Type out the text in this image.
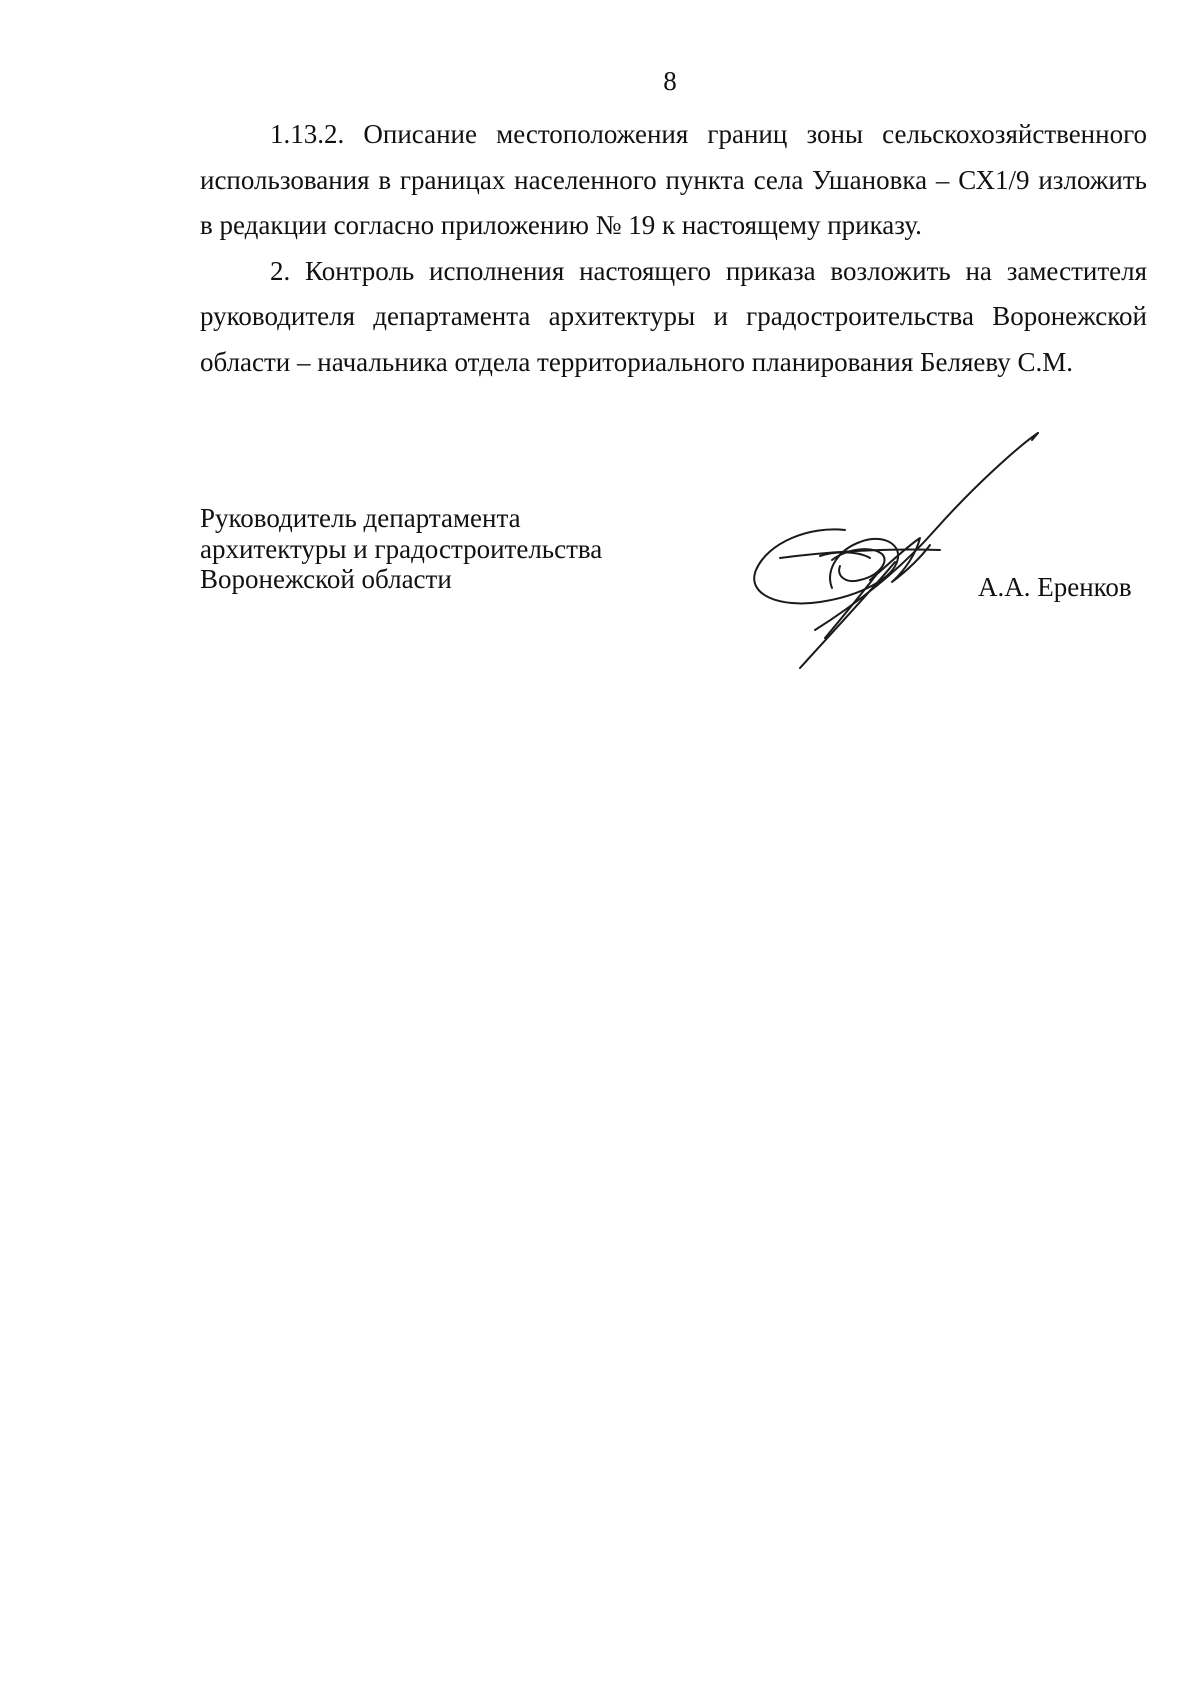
8

1.13.2. Описание местоположения границ зоны сельскохозяйственного использования в границах населенного пункта села Ушановка – СХ1/9 изложить в редакции согласно приложению № 19 к настоящему приказу.

2. Контроль исполнения настоящего приказа возложить на заместителя руководителя департамента архитектуры и градостроительства Воронежской области – начальника отдела территориального планирования Беляеву С.М.

Руководитель департамента
архитектуры и градостроительства
Воронежской области	А.А. Еренков
